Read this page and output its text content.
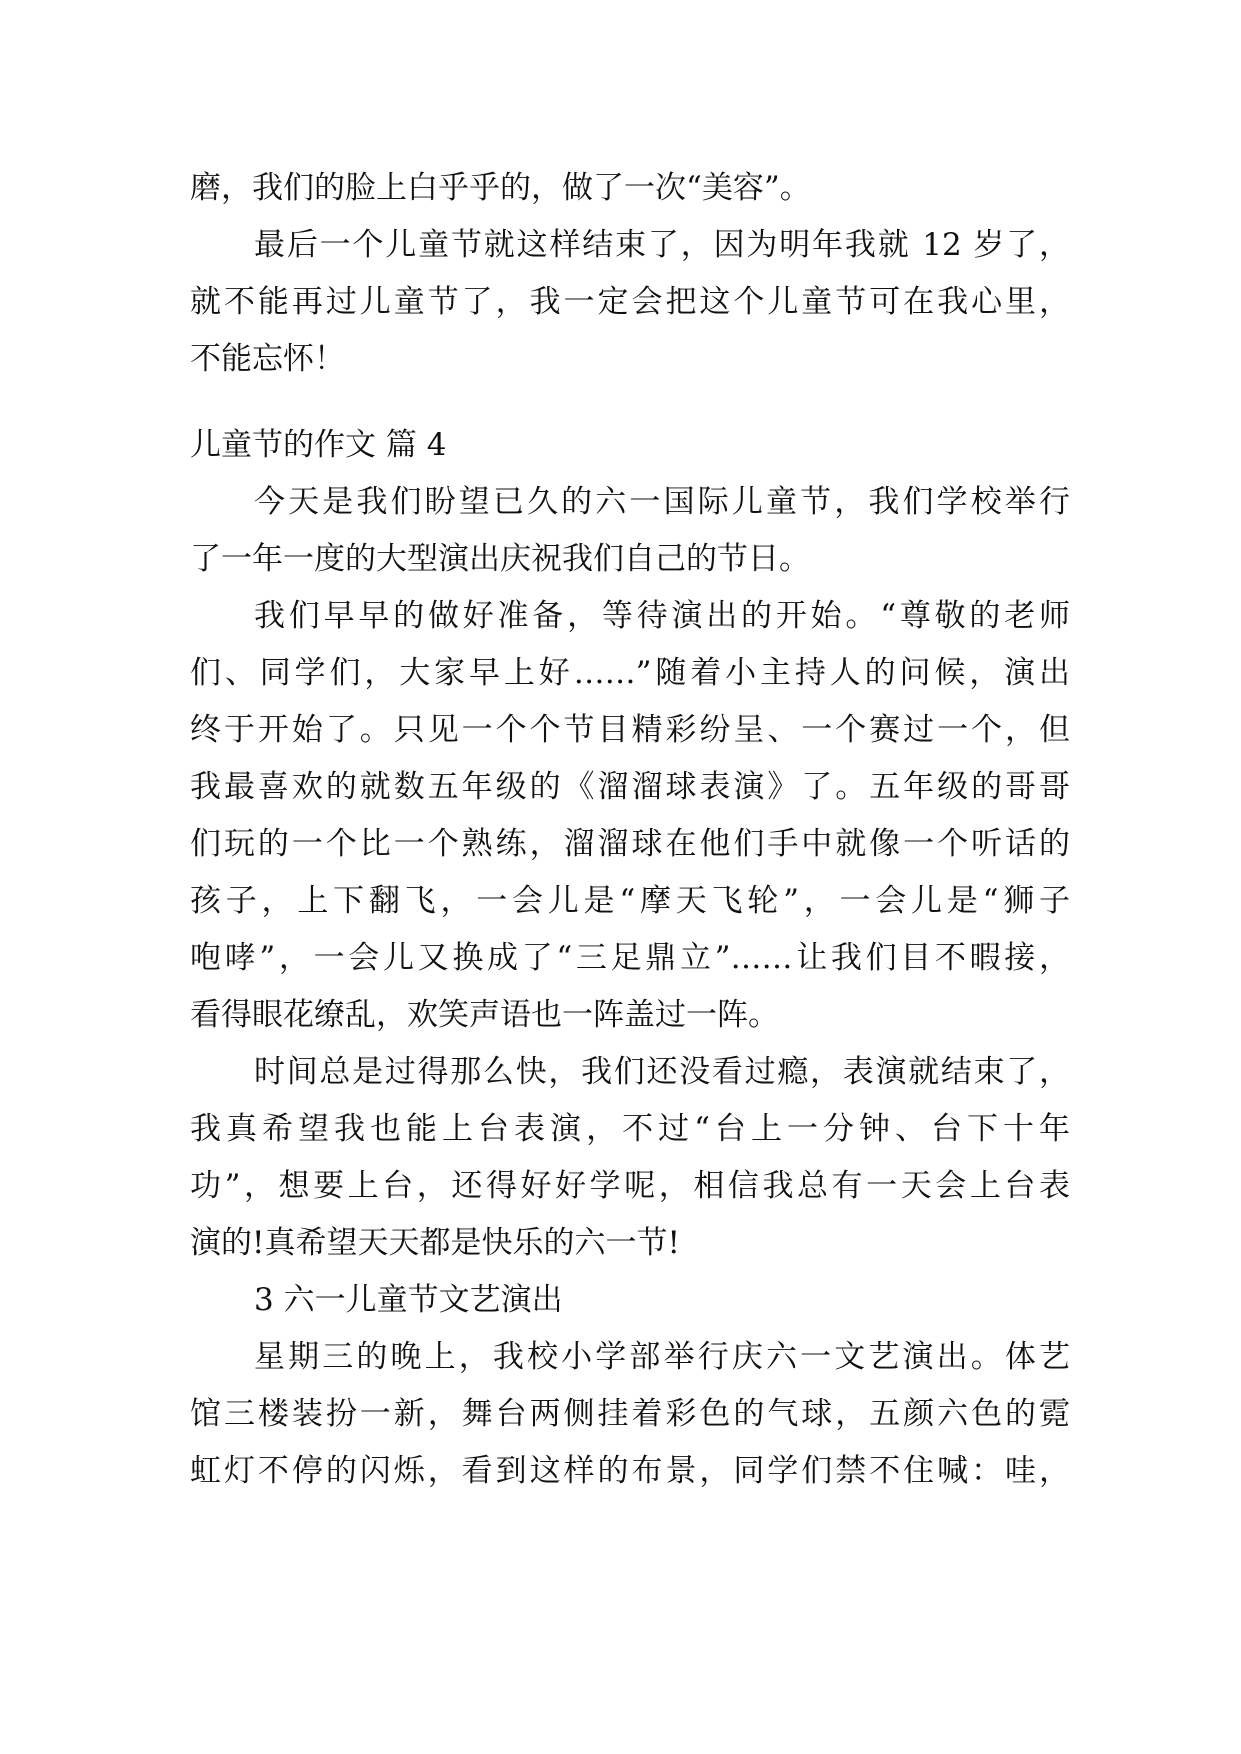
磨，我们的脸上白乎乎的，做了一次“美容”。
最后一个儿童节就这样结束了，因为明年我就 12 岁了，
就不能再过儿童节了，我一定会把这个儿童节可在我心里，
不能忘怀！
儿童节的作文 篇 4
今天是我们盼望已久的六一国际儿童节，我们学校举行
了一年一度的大型演出庆祝我们自己的节日。
我们早早的做好准备，等待演出的开始。“尊敬的老师
们、同学们，大家早上好……”随着小主持人的问候，演出
终于开始了。只见一个个节目精彩纷呈、一个赛过一个，但
我最喜欢的就数五年级的《溜溜球表演》了。五年级的哥哥
们玩的一个比一个熟练，溜溜球在他们手中就像一个听话的
孩子，上下翻飞，一会儿是“摩天飞轮”，一会儿是“狮子
咆哮”，一会儿又换成了“三足鼎立”……让我们目不暇接，
看得眼花缭乱，欢笑声语也一阵盖过一阵。
时间总是过得那么快，我们还没看过瘾，表演就结束了，
我真希望我也能上台表演，不过“台上一分钟、台下十年
功”，想要上台，还得好好学呢，相信我总有一天会上台表
演的!真希望天天都是快乐的六一节!
3 六一儿童节文艺演出
星期三的晚上，我校小学部举行庆六一文艺演出。体艺
馆三楼装扮一新，舞台两侧挂着彩色的气球，五颜六色的霓
虹灯不停的闪烁，看到这样的布景，同学们禁不住喊：哇，
